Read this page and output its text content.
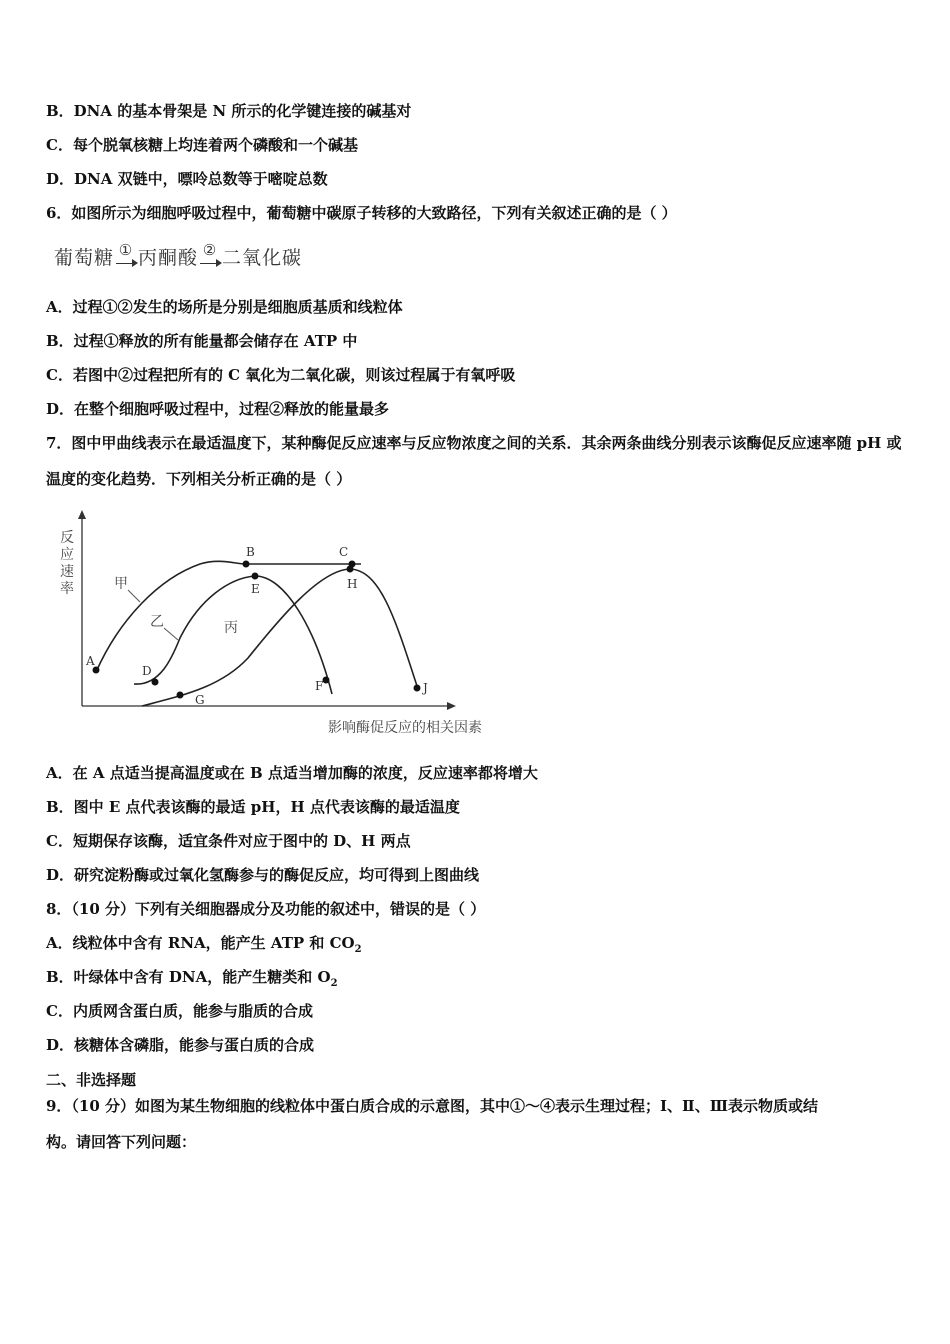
B．DNA 的基本骨架是 N 所示的化学键连接的碱基对
C．每个脱氧核糖上均连着两个磷酸和一个碱基
D．DNA 双链中，嘌呤总数等于嘧啶总数
6．如图所示为细胞呼吸过程中，葡萄糖中碳原子转移的大致路径，下列有关叙述正确的是（ ）
葡萄糖 ① 丙酮酸 ② 二氧化碳
A．过程①②发生的场所是分别是细胞质基质和线粒体
B．过程①释放的所有能量都会储存在 ATP 中
C．若图中②过程把所有的 C 氧化为二氧化碳，则该过程属于有氧呼吸
D．在整个细胞呼吸过程中，过程②释放的能量最多
7．图中甲曲线表示在最适温度下，某种酶促反应速率与反应物浓度之间的关系．其余两条曲线分别表示该酶促反应速率随 pH 或温度的变化趋势．下列相关分析正确的是（ ）
反
应
速
率
影响酶促反应的相关因素
A
B	C
D
E
F
G
H
J
甲
乙	丙
A．在 A 点适当提高温度或在 B 点适当增加酶的浓度，反应速率都将增大
B．图中 E 点代表该酶的最适 pH，H 点代表该酶的最适温度
C．短期保存该酶，适宜条件对应于图中的 D、H 两点
D．研究淀粉酶或过氧化氢酶参与的酶促反应，均可得到上图曲线
8．（10 分）下列有关细胞器成分及功能的叙述中，错误的是（ ）
A．线粒体中含有 RNA，能产生 ATP 和 $CO_2$
B．叶绿体中含有 DNA，能产生糖类和 $O_2$
C．内质网含蛋白质，能参与脂质的合成
D．核糖体含磷脂，能参与蛋白质的合成
二、非选择题
9．（10 分）如图为某生物细胞的线粒体中蛋白质合成的示意图，其中①～④表示生理过程；Ⅰ、Ⅱ、Ⅲ表示物质或结
构。请回答下列问题：
